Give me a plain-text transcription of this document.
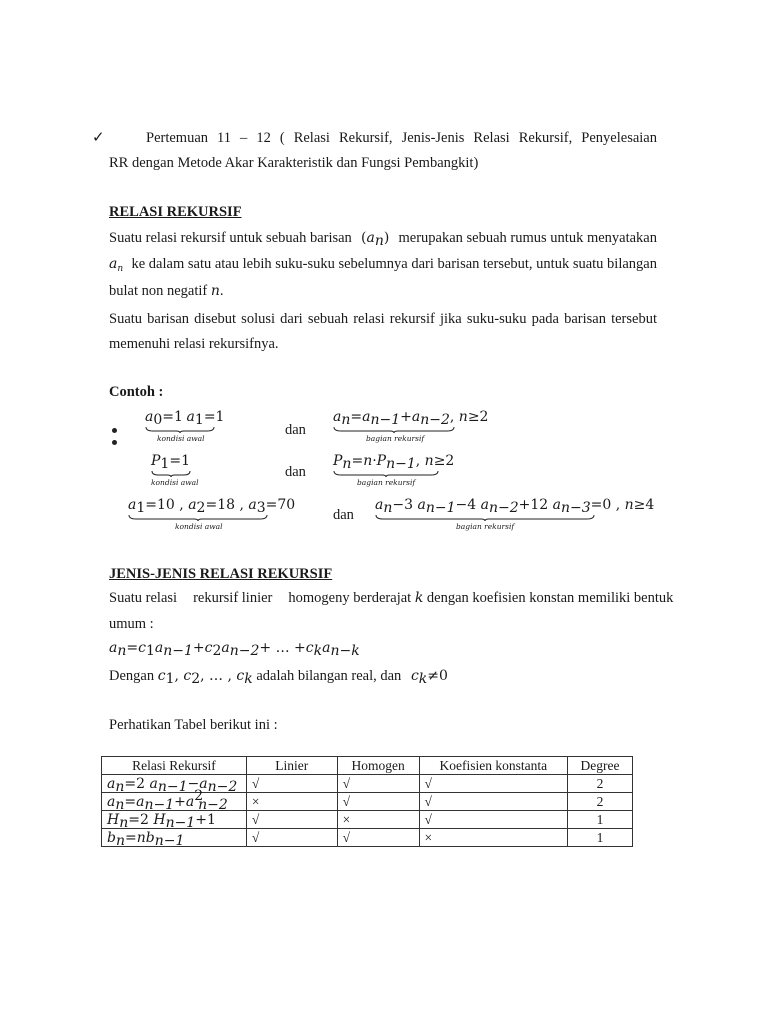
✓	Pertemuan 11 – 12 ( Relasi Rekursif, Jenis-Jenis Relasi Rekursif, Penyelesaian
RR dengan Metode Akar Karakteristik dan Fungsi Pembangkit)
RELASI REKURSIF
Suatu relasi rekursif untuk sebuah barisan $(a_n)$ merupakan sebuah rumus untuk menyatakan
$a_n$ ke dalam satu atau lebih suku-suku sebelumnya dari barisan tersebut, untuk suatu bilangan
bulat non negatif n.
Suatu barisan disebut solusi dari sebuah relasi rekursif jika suku-suku pada barisan tersebut memenuhi relasi rekursifnya.
Contoh :
$a_0=1$ $a_1=1$
kondisi awal
dan
$a_n=a_{n-1}+a_{n-2}$, n≥2
bagian rekursif
$P_1=1$
kondisi awal
dan
$P_n=n\cdot P_{n-1}$, n≥2
bagian rekursif
$a_1=10$ , $a_2=18$ , $a_3=70$
kondisi awal
dan
$a_n-3$ $a_{n-1}-4$ $a_{n-2}+12$ $a_{n-3}=0$ , n≥4
bagian rekursif
JENIS-JENIS RELASI REKURSIF
Suatu relasi rekursif linier homogeny berderajat k dengan koefisien konstan memiliki bentuk
umum :
$a_n=c_1a_{n-1}+c_2a_{n-2}+$ … $+c_ka_{n-k}$
Dengan $c_1$, $c_2$, … , $c_k$ adalah bilangan real, dan $c_k\ne 0$
Perhatikan Tabel berikut ini :
Relasi Rekursif	Linier	Homogen	Koefisien konstanta	Degree
$a_n=2$ $a_{n-1}-a_{n-2}$	√	√	√	2
$a_n=a_{n-1}+a^2_{n-2}$	×	√	√	2
$H_n=2$ $H_{n-1}+1$	√	×	√	1
$b_n=nb_{n-1}$	√	√	×	1
